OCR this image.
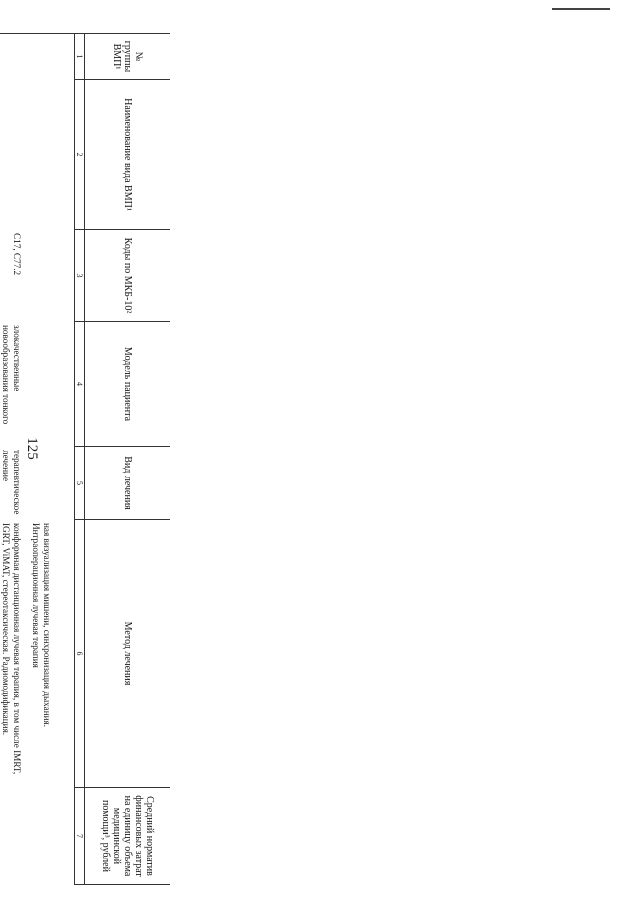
125
№ группы ВМП¹
Наименование вида ВМП¹
Коды по МКБ-10²
Модель пациента
Вид лечения
Метод лечения
Средний норматив финансовых затрат на единицу объема медицинской помощи³, рублей
1
2
3
4
5
6
7
ная визуализация мишени, синхронизация дыхания. Интраоперационная лучевая терапия
C17, C77.2
злокачественные новообразования тонкого
терапевтическое лечение
конформная дистанционная лучевая терапия, в том числе IMRT, IGRT, ViMAT, стереотаксическая. Радиомодификация.
